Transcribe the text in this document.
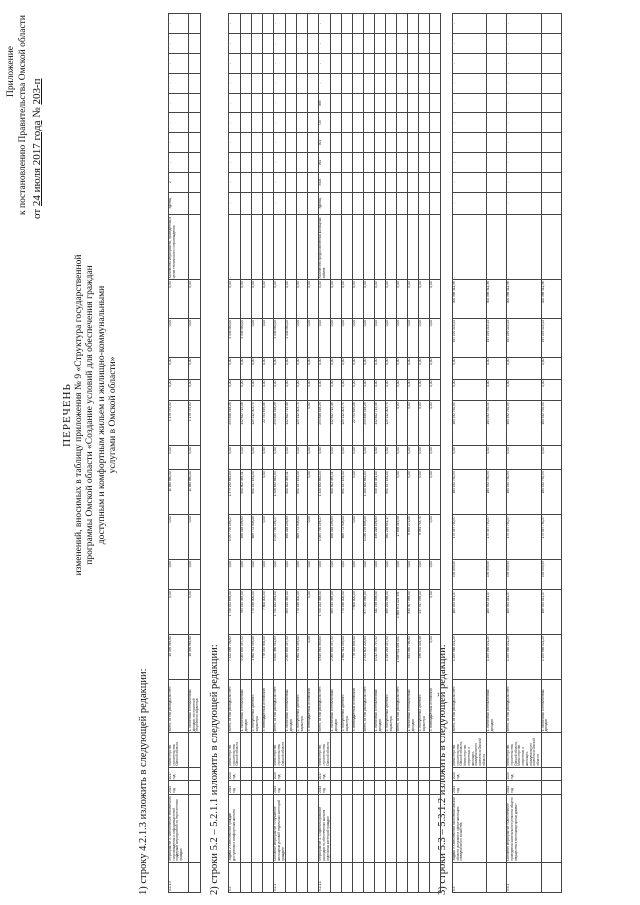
Приложение к постановлению Правительства Омской области от 24 июля 2017 года № 203-п
ПЕРЕЧЕНЬ изменений, вносимых в таблицу приложения № 9 «Структура государственной программы Омской области «Создание условий для обеспечения граждан доступным и комфортным жильем и жилищно-коммунальными услугами в Омской области»
1) строку 4.2.1.3 изложить в следующей редакции:	2) строки 5.2 – 5.2.1.1 изложить в следующей редакции:	3) строки 5.3 – 5.3.1.2 изложить в следующей редакции:
4.2.1.3	Мероприятие 3. Обеспечение технического сопровождения и информационной поддержки мероприятий по переселению граждан	2014 год	2017 год	Министерство строительства Омской области	Всего, из них расходы за счет:	18 356 364,80	0,00	0,00	0,00	11 680 880,00	0,00	1 178 754,00	0,00	0,00	0,00	0,00	Количество мероприятий, проведенных в целях технического сопровождения	единиц	2	-	-	-	-	-	-	-	-
					1. налоговых и неналоговых доходов, поступлений нецелевого характера	18 356 364,80	0,00	0,00	0,00	11 680 880,00	0,00	1 178 754,00	0,00	0,00	0,00	0,00											
5.2	Задача 2. Обеспечение граждан доступным и комфортным жильем	2014 год	2020 год	Министерство строительства Омской области	Всего, из них расходы за счет:	7 422 588 736,63	1 746 452 696,00	0,00	1 097 790 156,27	1 373 232 662,04	0,00	294 846 418,28	0,00	0,00	4 446 960,00	0,00	-	-	-	-	-	-	-	-	-	-	-
					1. налоговых и неналоговых доходов	4 069 839 457,92	783 514 469,00	0,00	466 018 196,83	600 802 485,41	0,00	142 842 715,48	0,00	0,00	4 446 960,00	0,00											
					2. поступлений целевого характера	1 862 311 495,00	770 446 000,00	0,00	668 772 508,00	651 447 181,00	0,00	129 212 003,74	0,00	0,00	0,00	0,00											
					3. внебюджетных источников	778 432 834,00	7 800 000,00	0,00	0,00	0,00	0,00	22 791 699,06	0,00	0,00	0,00	0,00											
5.2.1	Основное мероприятие «Улучшение жилищных условий отдельных категорий граждан»	2014 год	2020 год	Министерство строительства Омской области	Всего, из них расходы за счет:	4 820 486 942,63	1 741 182 981,00	0,00	1 099 790 156,27	1 328 632 662,04	0,00	294 846 418,28	0,00	0,00	4 446 960,00	0,00	-	-	-	-	-	-	-	-	-	-	-
					1. налоговых и неналоговых доходов	2 069 839 457,92	963 514 469,00	0,00	466 018 196,83	600 802 485,41	0,00	142 842 715,48	0,00	0,00	4 446 960,00	0,00											
					2. поступлений целевого характера	1 862 311 495,00	770 446 000,00	0,00	668 772 508,00	651 447 181,00	0,00	129 212 003,74	0,00	0,00	0,00	0,00											
					3. внебюджетных источников	0,00	0,00	0,00	0,00	0,00	0,00	0,00	0,00	0,00	0,00	0,00											
5.2.1.1	Мероприятие 1. Софинансирование расходов по обеспечению жильем отдельных категорий граждан	2014 год	2017 год	Министерство строительства Омской области	Всего, из них расходы за счет:	4 819 964 363,64	1 744 222 468,00	0,00	1 069 790 156,27	1 320 632 662,04	0,00	294 846 418,28	0,00	0,00	0,00	0,00	Количество предоставленных жилищных займов	единиц	3409	961	901	725	885	-	-	-	-
					1. налоговых и неналоговых доходов	2 069 839 457,92	963 514 469,00	0,00	466 018 196,83	600 802 485,41	0,00	142 842 715,48	0,00	0,00	0,00	0,00											
					2. поступлений целевого характера	1 862 311 495,00	770 446 000,00	0,00	668 772 508,00	651 447 181,00	0,00	129 212 003,74	0,00	0,00	0,00	0,00											
					3. внебюджетных источников	778 432 834,00	7 800 000,00	0,00	0,00	0,00	0,00	22 791 699,06	0,00	0,00	0,00	0,00											
					Всего, из них расходы за счет:	2 331 603 205,84	877 009 966,00	0,00	1 036 276 838,00	1 200 632 662,04	0,00	294 846 418,28	0,00	0,00	0,00	0,00											
					1. налоговых и неналоговых доходов	1 012 339 757,92	411 758 998,00	0,00	456 018 196,83	549 185 481,00	0,00	142 842 715,48	0,00	0,00	0,00	0,00											
					2. поступлений целевого характера	1 319 263 447,92	465 250 968,00	0,00	580 258 641,17	651 447 181,00	0,00	129 212 003,74	0,00	0,00	0,00	0,00											
					Всего, из них расходы за счет:	1 908 911 081 051	1 868 871 021 451	0,00	17 838 315,58	0,00	0,00	0,00	0,00	0,00	0,00	0,00											
					1. налоговых и неналоговых доходов	831 380 746,82	830 307 988,00	0,00	8 835 271,00	0,00	0,00	0,00	0,00	0,00	0,00	0,00											
					2. поступлений целевого характера	536 532 004,48	237 517 958,00	0,00	8 981 744,71	0,00	0,00	0,00	0,00	0,00	0,00	0,00											
					3. внебюджетных источников	0,00	0,00	0,00	0,00	0,00	0,00	0,00	0,00	0,00	0,00	0,00											
5.3	Задача 3. Обеспечение населения Омской области услугами в сфере жилищно-коммунального хозяйства	2014 год	2020 год	Министерство строительства Омской области, Министерство энергетики и жилищно-коммунального комплекса Омской области	Всего, из них расходы за счет:	1 259 966 921,29	165 992 041,07	139 593,55	179 457 750,57	184 932 750,54	0,00	184 932 750,54	0,00	0,00	167 059 215,24	300 388 311,36	-	-	-	-	-	-	-	-	-	-	-
					1. налоговых и неналоговых доходов	1 259 966 921,29	165 992 041,07	139 593,55	179 457 750,57	184 932 750,54	0,00	184 932 750,54	0,00	0,00	167 059 215,24	300 388 311,36											
5.3.1	Основное мероприятие «Обеспечение проведения капитального ремонта общего имущества в многоквартирных домах»	2014 год	2020 год	Министерство строительства Омской области, Министерство энергетики и жилищно-коммунального комплекса Омской области	Всего, из них расходы за счет:	1 259 966 921,29	165 992 041,07	139 593,55	179 457 750,57	184 932 750,54	0,00	184 932 750,54	0,00	0,00	167 059 215,24	300 388 311,36	-	-	-	-	-	-	-	-	-	-	-
					1. налоговых и неналоговых доходов	1 259 966 921,29	165 992 041,07	139 593,55	179 457 750,57	184 932 750,54	0,00	184 932 750,54	0,00	0,00	167 059 215,24	300 388 311,36											
